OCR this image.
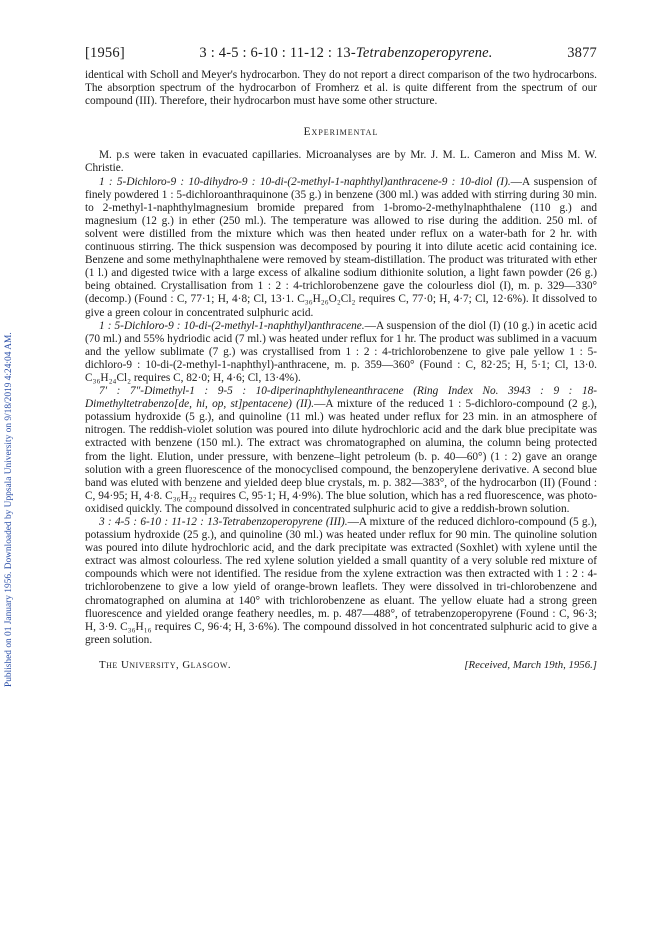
Published on 01 January 1956. Downloaded by Uppsala University on 9/18/2019 4:24:04 AM.
[1956]	3 : 4-5 : 6-10 : 11-12 : 13-Tetrabenzoperopyrene.	3877

identical with Scholl and Meyer's hydrocarbon. They do not report a direct comparison of the two hydrocarbons. The absorption spectrum of the hydrocarbon of Fromherz et al. is quite different from the spectrum of our compound (III). Therefore, their hydrocarbon must have some other structure.

Experimental

M. p.s were taken in evacuated capillaries. Microanalyses are by Mr. J. M. L. Cameron and Miss M. W. Christie.

1 : 5-Dichloro-9 : 10-dihydro-9 : 10-di-(2-methyl-1-naphthyl)anthracene-9 : 10-diol (I).—A suspension of finely powdered 1 : 5-dichloroanthraquinone (35 g.) in benzene (300 ml.) was added with stirring during 30 min. to 2-methyl-1-naphthylmagnesium bromide prepared from 1-bromo-2-methylnaphthalene (110 g.) and magnesium (12 g.) in ether (250 ml.). The temperature was allowed to rise during the addition. 250 ml. of solvent were distilled from the mixture which was then heated under reflux on a water-bath for 2 hr. with continuous stirring. The thick suspension was decomposed by pouring it into dilute acetic acid containing ice. Benzene and some methylnaphthalene were removed by steam-distillation. The product was triturated with ether (1 l.) and digested twice with a large excess of alkaline sodium dithionite solution, a light fawn powder (26 g.) being obtained. Crystallisation from 1 : 2 : 4-trichlorobenzene gave the colourless diol (I), m. p. 329—330° (decomp.) (Found : C, 77·1; H, 4·8; Cl, 13·1. C₃₆H₂₆O₂Cl₂ requires C, 77·0; H, 4·7; Cl, 12·6%). It dissolved to give a green colour in concentrated sulphuric acid.

1 : 5-Dichloro-9 : 10-di-(2-methyl-1-naphthyl)anthracene.—A suspension of the diol (I) (10 g.) in acetic acid (70 ml.) and 55% hydriodic acid (7 ml.) was heated under reflux for 1 hr. The product was sublimed in a vacuum and the yellow sublimate (7 g.) was crystallised from 1 : 2 : 4-trichlorobenzene to give pale yellow 1 : 5-dichloro-9 : 10-di-(2-methyl-1-naphthyl)-anthracene, m. p. 359—360° (Found : C, 82·25; H, 5·1; Cl, 13·0. C₃₆H₂₄Cl₂ requires C, 82·0; H, 4·6; Cl, 13·4%).

7′ : 7″-Dimethyl-1 : 9-5 : 10-diperinaphthyleneanthracene (Ring Index No. 3943 : 9 : 18-Dimethyltetrabenzo[de, hi, op, st]pentacene) (II).—A mixture of the reduced 1 : 5-dichloro-compound (2 g.), potassium hydroxide (5 g.), and quinoline (11 ml.) was heated under reflux for 23 min. in an atmosphere of nitrogen. The reddish-violet solution was poured into dilute hydrochloric acid and the dark blue precipitate was extracted with benzene (150 ml.). The extract was chromatographed on alumina, the column being protected from the light. Elution, under pressure, with benzene–light petroleum (b. p. 40—60°) (1 : 2) gave an orange solution with a green fluorescence of the monocyclised compound, the benzoperylene derivative. A second blue band was eluted with benzene and yielded deep blue crystals, m. p. 382—383°, of the hydrocarbon (II) (Found : C, 94·95; H, 4·8. C₃₆H₂₂ requires C, 95·1; H, 4·9%). The blue solution, which has a red fluorescence, was photo-oxidised quickly. The compound dissolved in concentrated sulphuric acid to give a reddish-brown solution.

3 : 4-5 : 6-10 : 11-12 : 13-Tetrabenzoperopyrene (III).—A mixture of the reduced dichloro-compound (5 g.), potassium hydroxide (25 g.), and quinoline (30 ml.) was heated under reflux for 90 min. The quinoline solution was poured into dilute hydrochloric acid, and the dark precipitate was extracted (Soxhlet) with xylene until the extract was almost colourless. The red xylene solution yielded a small quantity of a very soluble red mixture of compounds which were not identified. The residue from the xylene extraction was then extracted with 1 : 2 : 4-trichlorobenzene to give a low yield of orange-brown leaflets. They were dissolved in tri-chlorobenzene and chromatographed on alumina at 140° with trichlorobenzene as eluant. The yellow eluate had a strong green fluorescence and yielded orange feathery needles, m. p. 487—488°, of tetrabenzoperopyrene (Found : C, 96·3; H, 3·9. C₃₆H₁₆ requires C, 96·4; H, 3·6%). The compound dissolved in hot concentrated sulphuric acid to give a green solution.

The University, Glasgow.	[Received, March 19th, 1956.]
